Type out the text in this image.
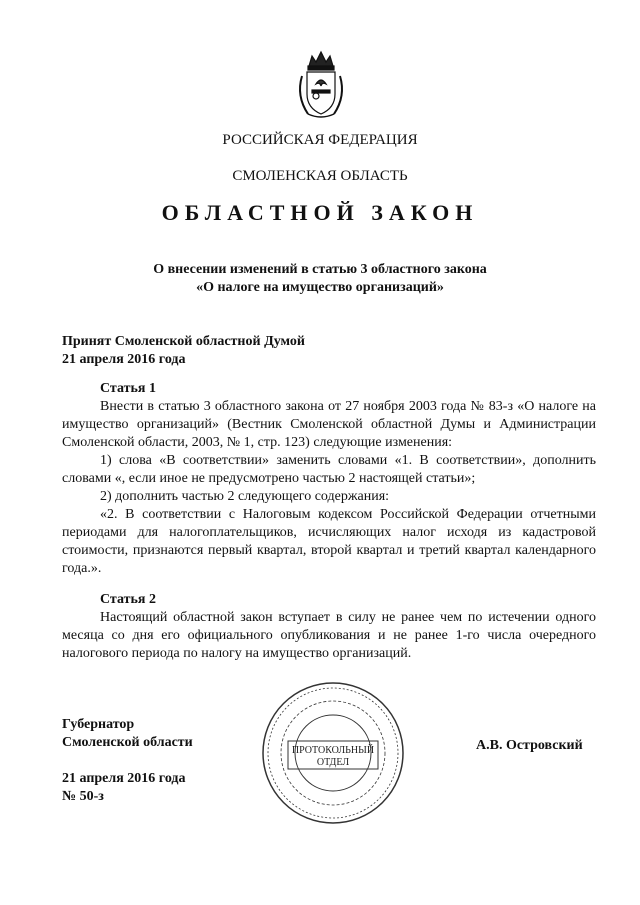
РОССИЙСКАЯ ФЕДЕРАЦИЯ
СМОЛЕНСКАЯ ОБЛАСТЬ
ОБЛАСТНОЙ ЗАКОН
О внесении изменений в статью 3 областного закона
«О налоге на имущество организаций»
Принят Смоленской областной Думой
21 апреля 2016 года

Статья 1

Внести в статью 3 областного закона от 27 ноября 2003 года № 83-з «О налоге на имущество организаций» (Вестник Смоленской областной Думы и Администрации Смоленской области, 2003, № 1, стр. 123) следующие изменения:

1) слова «В соответствии» заменить словами «1. В соответствии», дополнить словами «, если иное не предусмотрено частью 2 настоящей статьи»;

2) дополнить частью 2 следующего содержания:

«2. В соответствии с Налоговым кодексом Российской Федерации отчетными периодами для налогоплательщиков, исчисляющих налог исходя из кадастровой стоимости, признаются первый квартал, второй квартал и третий квартал календарного года.».

Статья 2

Настоящий областной закон вступает в силу не ранее чем по истечении одного месяца со дня его официального опубликования и не ранее 1-го числа очередного налогового периода по налогу на имущество организаций.

Губернатор
Смоленской области	А.В. Островский
21 апреля 2016 года
№ 50-з
ПРОТОКОЛЬНЫЙ
ОТДЕЛ
